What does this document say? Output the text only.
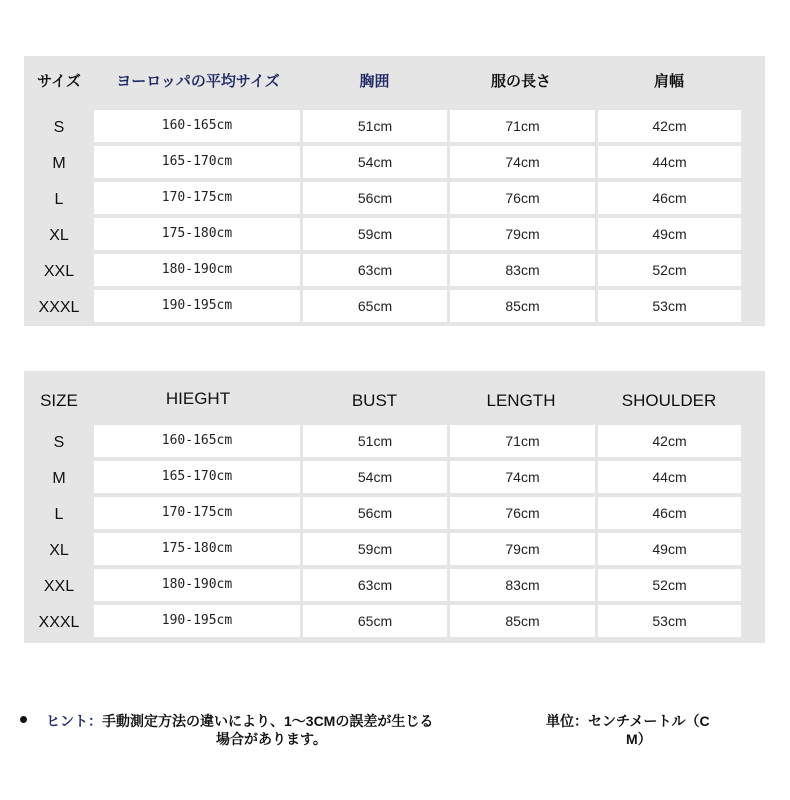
サイズ	ヨーロッパの平均サイズ	胸囲	服の長さ	肩幅
S	160-165cm	51cm	71cm	42cm
M	165-170cm	54cm	74cm	44cm
L	170-175cm	56cm	76cm	46cm
XL	175-180cm	59cm	79cm	49cm
XXL	180-190cm	63cm	83cm	52cm
XXXL	190-195cm	65cm	85cm	53cm
SIZE	HIEGHT	BUST	LENGTH	SHOULDER
S	160-165cm	51cm	71cm	42cm
M	165-170cm	54cm	74cm	44cm
L	170-175cm	56cm	76cm	46cm
XL	175-180cm	59cm	79cm	49cm
XXL	180-190cm	63cm	83cm	52cm
XXXL	190-195cm	65cm	85cm	53cm
ヒント：手動測定方法の違いにより、1〜3CMの誤差が生じる
場合があります。
単位：センチメートル（C
M）
